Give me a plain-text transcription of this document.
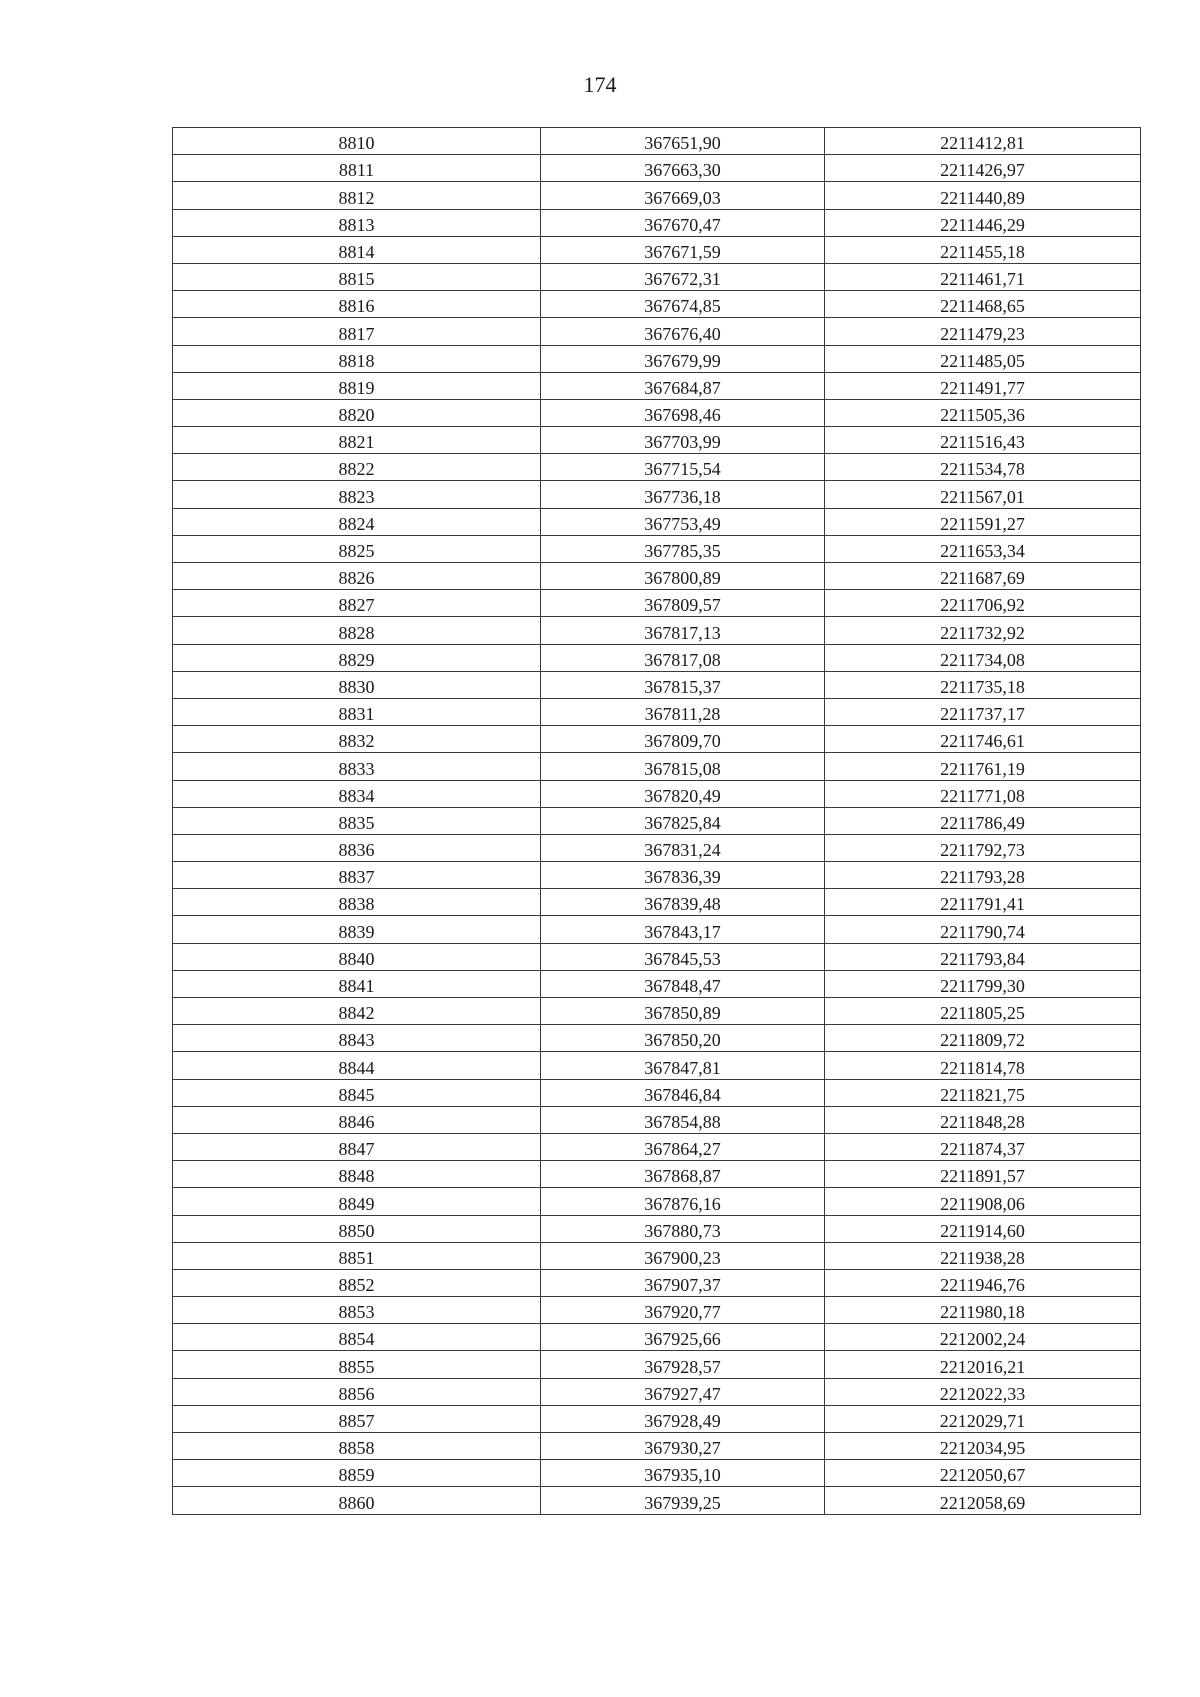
174
8810	367651,90	2211412,81
8811	367663,30	2211426,97
8812	367669,03	2211440,89
8813	367670,47	2211446,29
8814	367671,59	2211455,18
8815	367672,31	2211461,71
8816	367674,85	2211468,65
8817	367676,40	2211479,23
8818	367679,99	2211485,05
8819	367684,87	2211491,77
8820	367698,46	2211505,36
8821	367703,99	2211516,43
8822	367715,54	2211534,78
8823	367736,18	2211567,01
8824	367753,49	2211591,27
8825	367785,35	2211653,34
8826	367800,89	2211687,69
8827	367809,57	2211706,92
8828	367817,13	2211732,92
8829	367817,08	2211734,08
8830	367815,37	2211735,18
8831	367811,28	2211737,17
8832	367809,70	2211746,61
8833	367815,08	2211761,19
8834	367820,49	2211771,08
8835	367825,84	2211786,49
8836	367831,24	2211792,73
8837	367836,39	2211793,28
8838	367839,48	2211791,41
8839	367843,17	2211790,74
8840	367845,53	2211793,84
8841	367848,47	2211799,30
8842	367850,89	2211805,25
8843	367850,20	2211809,72
8844	367847,81	2211814,78
8845	367846,84	2211821,75
8846	367854,88	2211848,28
8847	367864,27	2211874,37
8848	367868,87	2211891,57
8849	367876,16	2211908,06
8850	367880,73	2211914,60
8851	367900,23	2211938,28
8852	367907,37	2211946,76
8853	367920,77	2211980,18
8854	367925,66	2212002,24
8855	367928,57	2212016,21
8856	367927,47	2212022,33
8857	367928,49	2212029,71
8858	367930,27	2212034,95
8859	367935,10	2212050,67
8860	367939,25	2212058,69
